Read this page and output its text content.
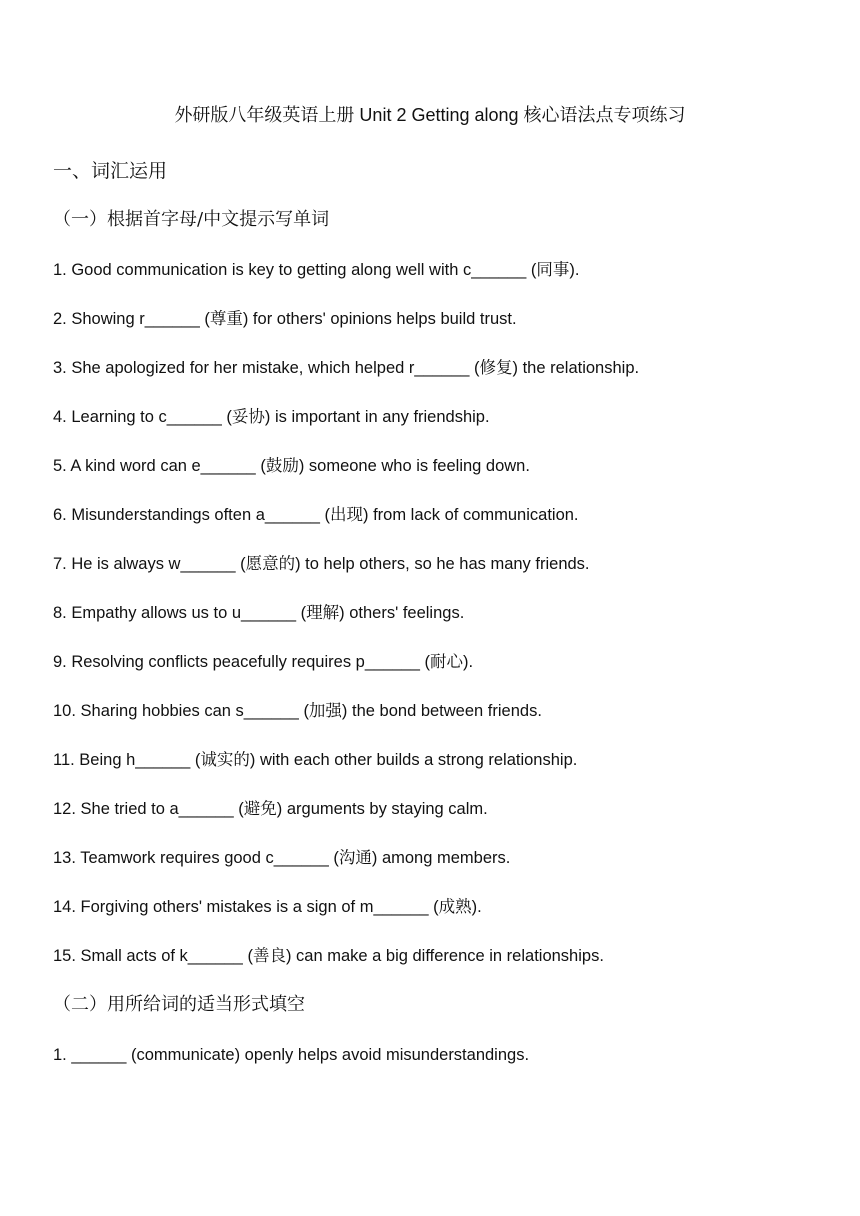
外研版八年级英语上册 Unit 2 Getting along 核心语法点专项练习
一、词汇运用
（一）根据首字母/中文提示写单词
1. Good communication is key to getting along well with c______ (同事).
2. Showing r______ (尊重) for others' opinions helps build trust.
3. She apologized for her mistake, which helped r______ (修复) the relationship.
4. Learning to c______ (妥协) is important in any friendship.
5. A kind word can e______ (鼓励) someone who is feeling down.
6. Misunderstandings often a______ (出现) from lack of communication.
7. He is always w______ (愿意的) to help others, so he has many friends.
8. Empathy allows us to u______ (理解) others' feelings.
9. Resolving conflicts peacefully requires p______ (耐心).
10. Sharing hobbies can s______ (加强) the bond between friends.
11. Being h______ (诚实的) with each other builds a strong relationship.
12. She tried to a______ (避免) arguments by staying calm.
13. Teamwork requires good c______ (沟通) among members.
14. Forgiving others' mistakes is a sign of m______ (成熟).
15. Small acts of k______ (善良) can make a big difference in relationships.
（二）用所给词的适当形式填空
1. ______ (communicate) openly helps avoid misunderstandings.
